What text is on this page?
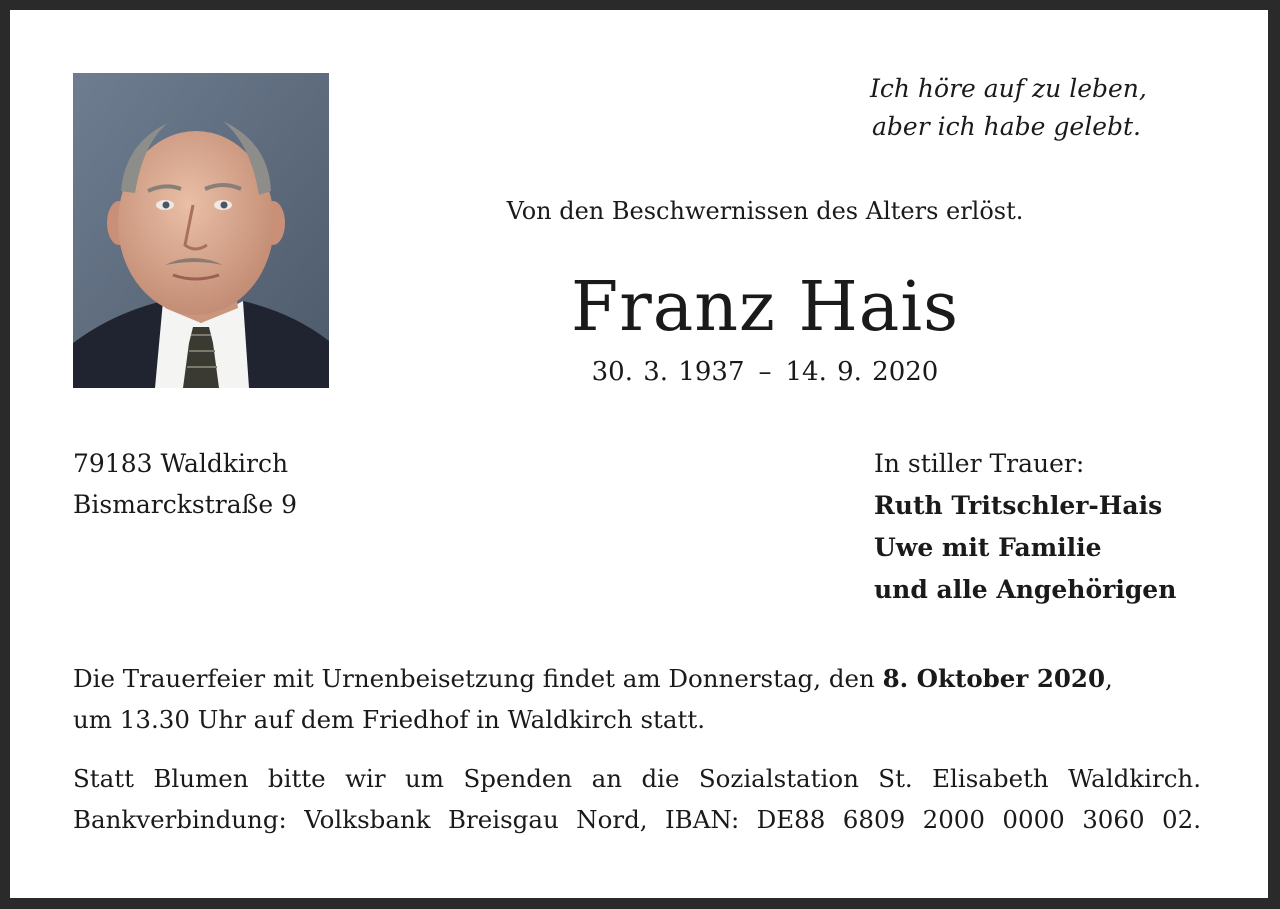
Ich höre auf zu leben,
aber ich habe gelebt.
Von den Beschwernissen des Alters erlöst.
Franz Hais
30. 3. 1937 – 14. 9. 2020
79183 Waldkirch
Bismarckstraße 9
In stiller Trauer:
Ruth Tritschler-Hais
Uwe mit Familie
und alle Angehörigen
Die Trauerfeier mit Urnenbeisetzung findet am Donnerstag, den 8. Oktober 2020,
um 13.30 Uhr auf dem Friedhof in Waldkirch statt.
Statt Blumen bitte wir um Spenden an die Sozialstation St. Elisabeth Waldkirch.
Bankverbindung: Volksbank Breisgau Nord, IBAN: DE88 6809 2000 0000 3060 02.
